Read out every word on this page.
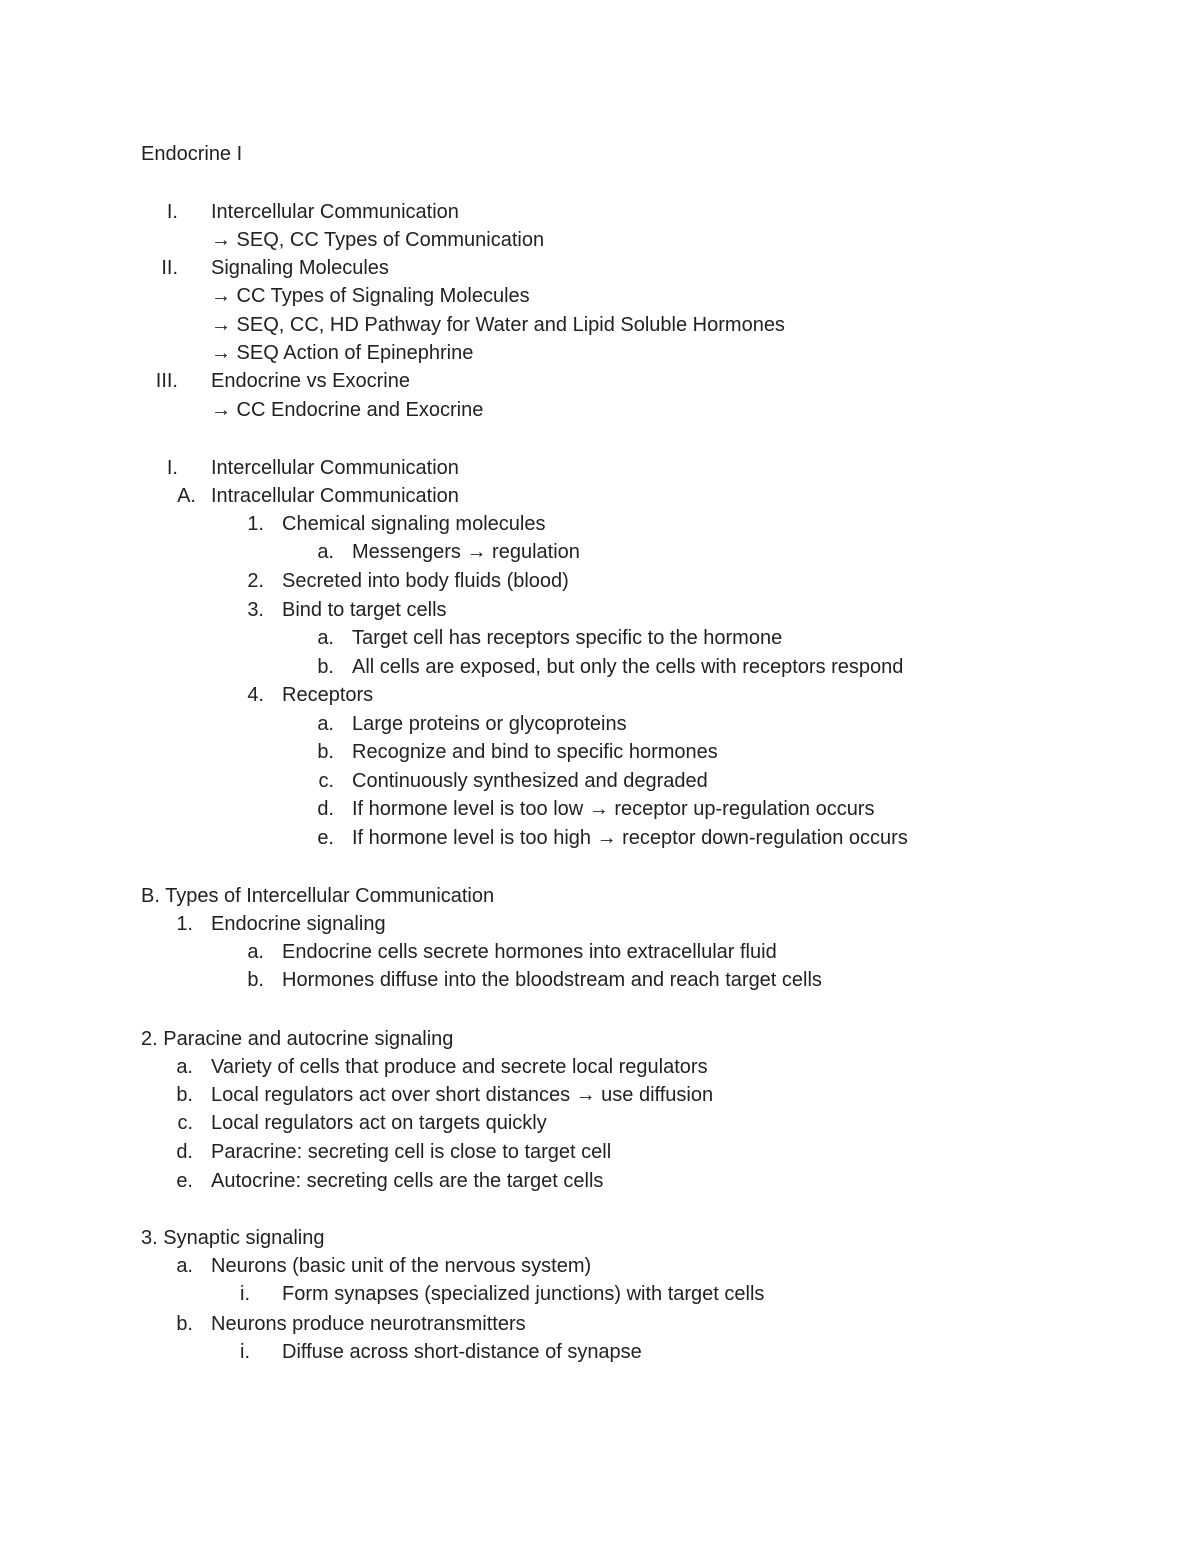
Endocrine I
I. Intercellular Communication
→ SEQ, CC Types of Communication
II. Signaling Molecules
→ CC Types of Signaling Molecules
→ SEQ, CC, HD Pathway for Water and Lipid Soluble Hormones
→ SEQ Action of Epinephrine
III. Endocrine vs Exocrine
→ CC Endocrine and Exocrine
I. Intercellular Communication
A. Intracellular Communication
1. Chemical signaling molecules
a. Messengers → regulation
2. Secreted into body fluids (blood)
3. Bind to target cells
a. Target cell has receptors specific to the hormone
b. All cells are exposed, but only the cells with receptors respond
4. Receptors
a. Large proteins or glycoproteins
b. Recognize and bind to specific hormones
c. Continuously synthesized and degraded
d. If hormone level is too low → receptor up-regulation occurs
e. If hormone level is too high → receptor down-regulation occurs
B. Types of Intercellular Communication
1. Endocrine signaling
a. Endocrine cells secrete hormones into extracellular fluid
b. Hormones diffuse into the bloodstream and reach target cells
2. Paracine and autocrine signaling
a. Variety of cells that produce and secrete local regulators
b. Local regulators act over short distances → use diffusion
c. Local regulators act on targets quickly
d. Paracrine: secreting cell is close to target cell
e. Autocrine: secreting cells are the target cells
3. Synaptic signaling
a. Neurons (basic unit of the nervous system)
i. Form synapses (specialized junctions) with target cells
b. Neurons produce neurotransmitters
i. Diffuse across short-distance of synapse
